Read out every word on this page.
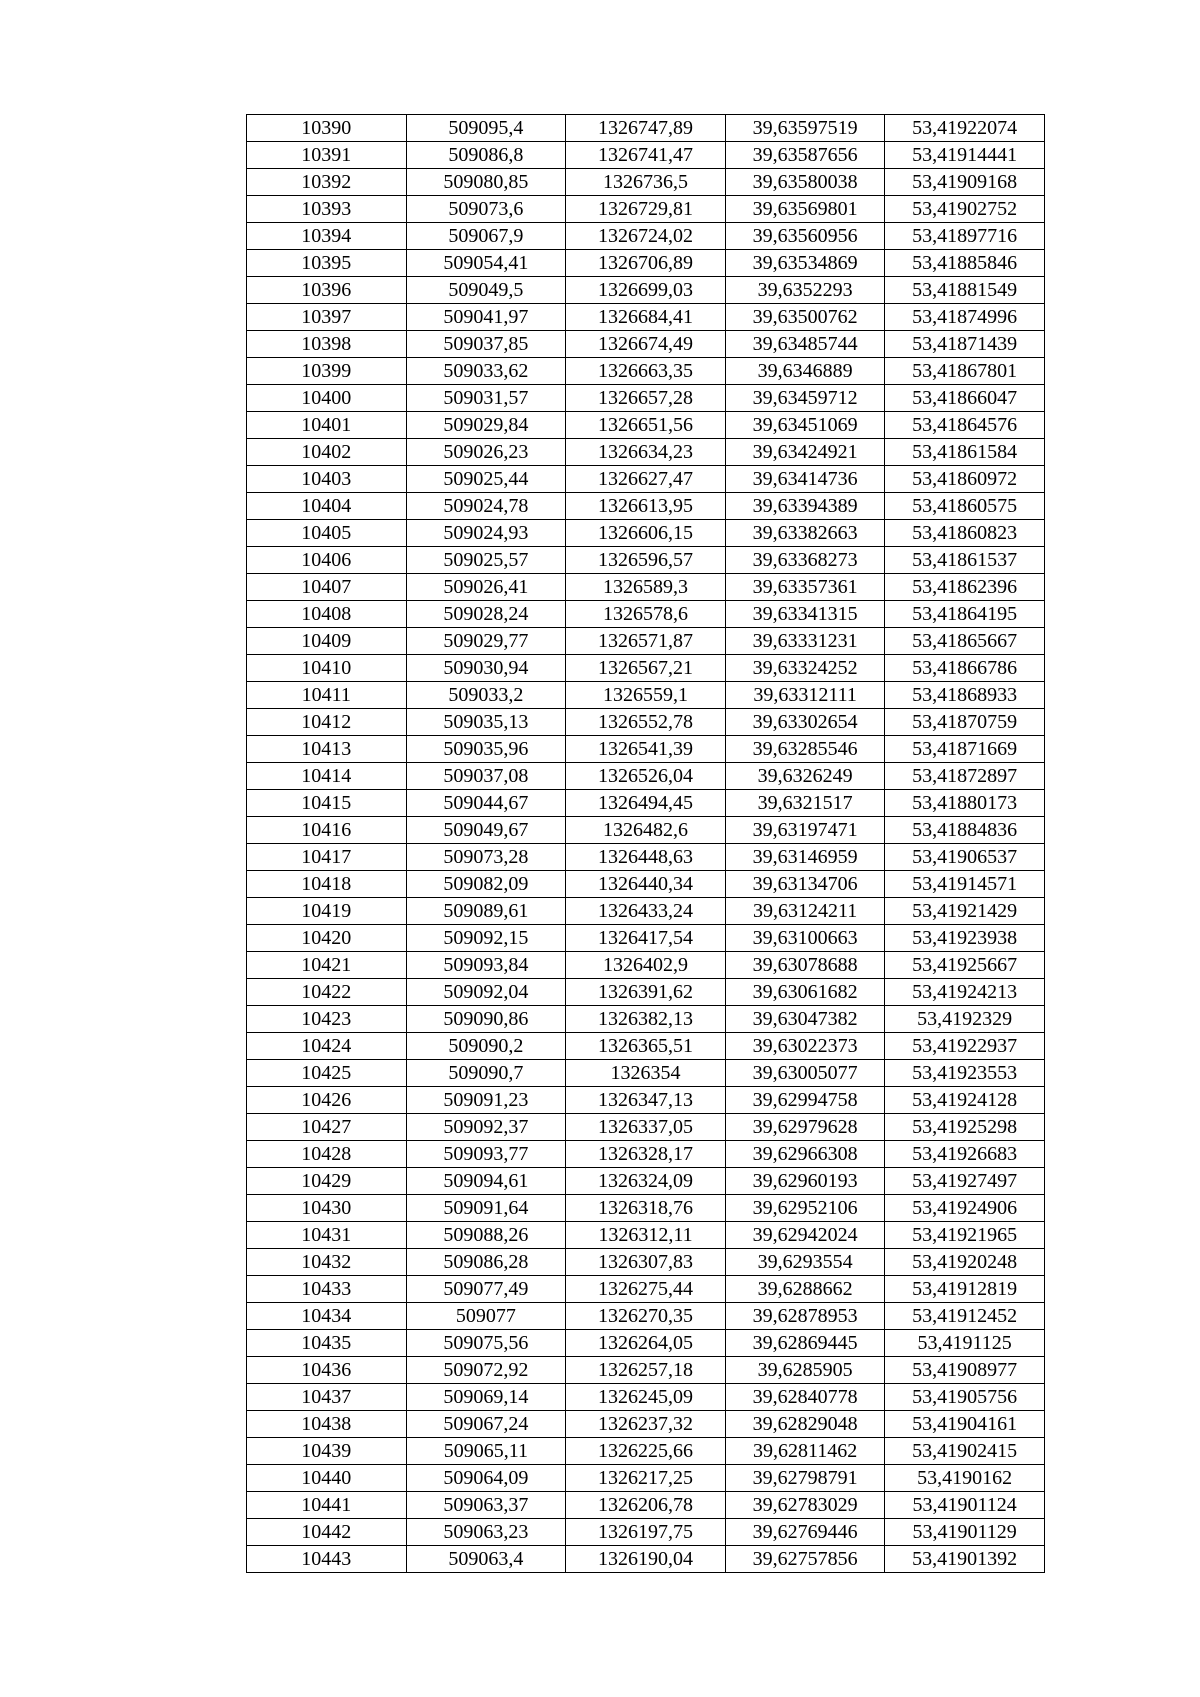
10390	509095,4	1326747,89	39,63597519	53,41922074
10391	509086,8	1326741,47	39,63587656	53,41914441
10392	509080,85	1326736,5	39,63580038	53,41909168
10393	509073,6	1326729,81	39,63569801	53,41902752
10394	509067,9	1326724,02	39,63560956	53,41897716
10395	509054,41	1326706,89	39,63534869	53,41885846
10396	509049,5	1326699,03	39,6352293	53,41881549
10397	509041,97	1326684,41	39,63500762	53,41874996
10398	509037,85	1326674,49	39,63485744	53,41871439
10399	509033,62	1326663,35	39,6346889	53,41867801
10400	509031,57	1326657,28	39,63459712	53,41866047
10401	509029,84	1326651,56	39,63451069	53,41864576
10402	509026,23	1326634,23	39,63424921	53,41861584
10403	509025,44	1326627,47	39,63414736	53,41860972
10404	509024,78	1326613,95	39,63394389	53,41860575
10405	509024,93	1326606,15	39,63382663	53,41860823
10406	509025,57	1326596,57	39,63368273	53,41861537
10407	509026,41	1326589,3	39,63357361	53,41862396
10408	509028,24	1326578,6	39,63341315	53,41864195
10409	509029,77	1326571,87	39,63331231	53,41865667
10410	509030,94	1326567,21	39,63324252	53,41866786
10411	509033,2	1326559,1	39,63312111	53,41868933
10412	509035,13	1326552,78	39,63302654	53,41870759
10413	509035,96	1326541,39	39,63285546	53,41871669
10414	509037,08	1326526,04	39,6326249	53,41872897
10415	509044,67	1326494,45	39,6321517	53,41880173
10416	509049,67	1326482,6	39,63197471	53,41884836
10417	509073,28	1326448,63	39,63146959	53,41906537
10418	509082,09	1326440,34	39,63134706	53,41914571
10419	509089,61	1326433,24	39,63124211	53,41921429
10420	509092,15	1326417,54	39,63100663	53,41923938
10421	509093,84	1326402,9	39,63078688	53,41925667
10422	509092,04	1326391,62	39,63061682	53,41924213
10423	509090,86	1326382,13	39,63047382	53,4192329
10424	509090,2	1326365,51	39,63022373	53,41922937
10425	509090,7	1326354	39,63005077	53,41923553
10426	509091,23	1326347,13	39,62994758	53,41924128
10427	509092,37	1326337,05	39,62979628	53,41925298
10428	509093,77	1326328,17	39,62966308	53,41926683
10429	509094,61	1326324,09	39,62960193	53,41927497
10430	509091,64	1326318,76	39,62952106	53,41924906
10431	509088,26	1326312,11	39,62942024	53,41921965
10432	509086,28	1326307,83	39,6293554	53,41920248
10433	509077,49	1326275,44	39,6288662	53,41912819
10434	509077	1326270,35	39,62878953	53,41912452
10435	509075,56	1326264,05	39,62869445	53,4191125
10436	509072,92	1326257,18	39,6285905	53,41908977
10437	509069,14	1326245,09	39,62840778	53,41905756
10438	509067,24	1326237,32	39,62829048	53,41904161
10439	509065,11	1326225,66	39,62811462	53,41902415
10440	509064,09	1326217,25	39,62798791	53,4190162
10441	509063,37	1326206,78	39,62783029	53,41901124
10442	509063,23	1326197,75	39,62769446	53,41901129
10443	509063,4	1326190,04	39,62757856	53,41901392
